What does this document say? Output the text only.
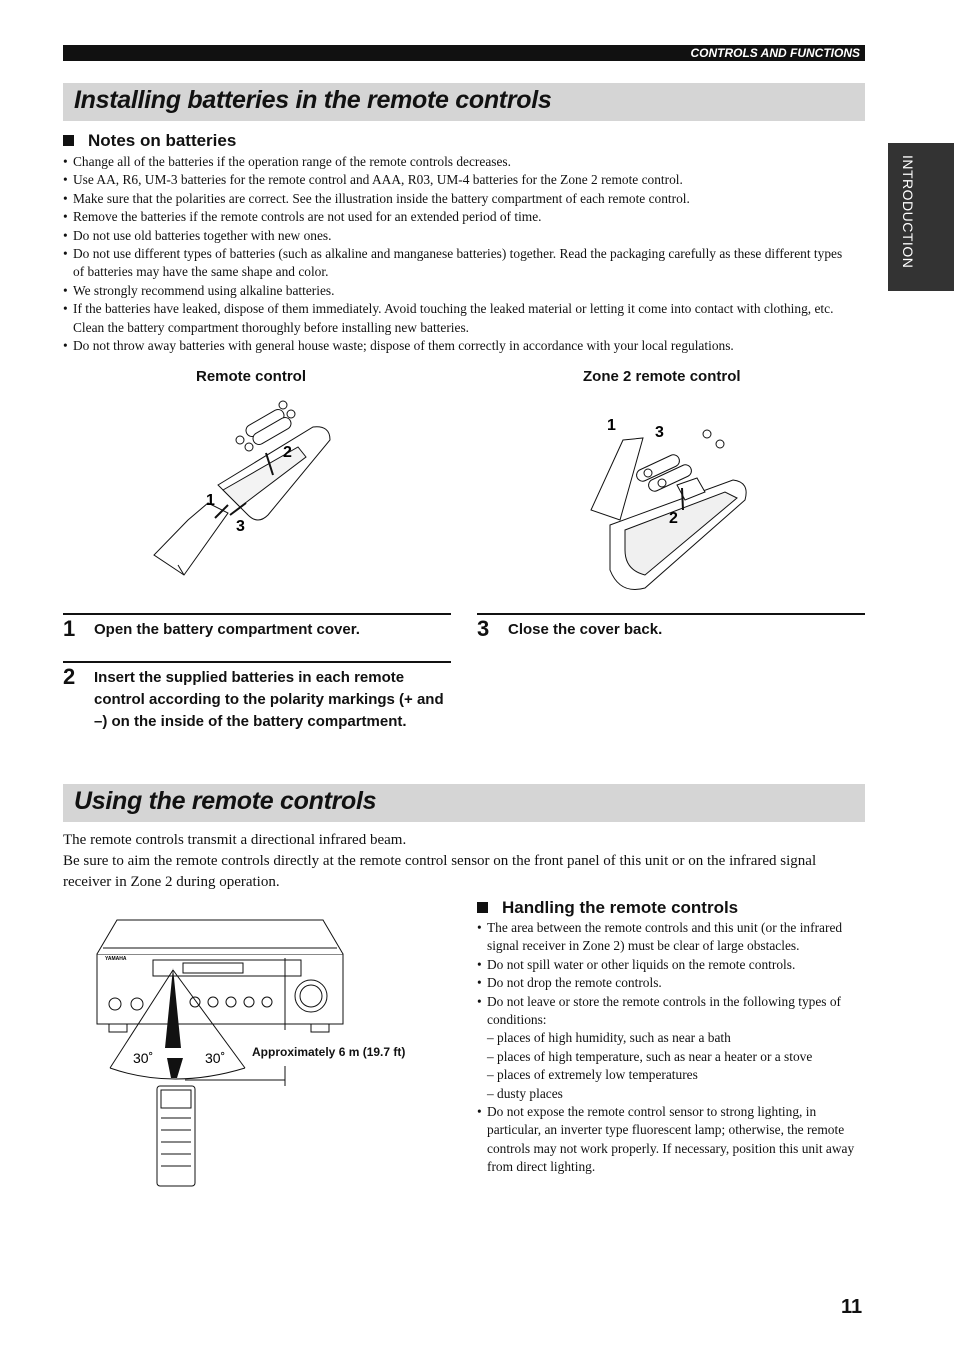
CONTROLS AND FUNCTIONS
INTRODUCTION
Installing batteries in the remote controls
Notes on batteries
• Change all of the batteries if the operation range of the remote controls decreases.
• Use AA, R6, UM-3 batteries for the remote control and AAA, R03, UM-4 batteries for the Zone 2 remote control.
• Make sure that the polarities are correct. See the illustration inside the battery compartment of each remote control.
• Remove the batteries if the remote controls are not used for an extended period of time.
• Do not use old batteries together with new ones.
• Do not use different types of batteries (such as alkaline and manganese batteries) together. Read the packaging carefully as these different types of batteries may have the same shape and color.
• We strongly recommend using alkaline batteries.
• If the batteries have leaked, dispose of them immediately. Avoid touching the leaked material or letting it come into contact with clothing, etc. Clean the battery compartment thoroughly before installing new batteries.
• Do not throw away batteries with general house waste; dispose of them correctly in accordance with your local regulations.
Remote control	Zone 2 remote control
2
1
3
1 3
2
1 Open the battery compartment cover.
2 Insert the supplied batteries in each remote control according to the polarity markings (+ and –) on the inside of the battery compartment.
3 Close the cover back.
Using the remote controls
The remote controls transmit a directional infrared beam.
Be sure to aim the remote controls directly at the remote control sensor on the front panel of this unit or on the infrared signal receiver in Zone 2 during operation.
YAMAHA
30˚	30˚ Approximately 6 m (19.7 ft)
Handling the remote controls
• The area between the remote controls and this unit (or the infrared signal receiver in Zone 2) must be clear of large obstacles.
• Do not spill water or other liquids on the remote controls.
• Do not drop the remote controls.
• Do not leave or store the remote controls in the following types of conditions:
– places of high humidity, such as near a bath
– places of high temperature, such as near a heater or a stove
– places of extremely low temperatures
– dusty places
• Do not expose the remote control sensor to strong lighting, in particular, an inverter type fluorescent lamp; otherwise, the remote controls may not work properly. If necessary, position this unit away from direct lighting.
11
